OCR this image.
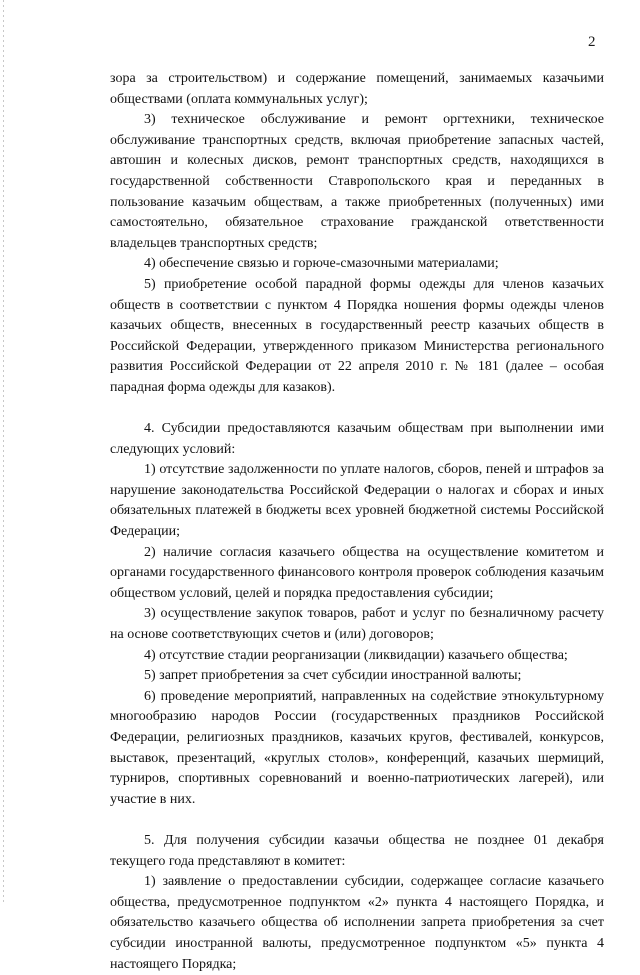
2

зора за строительством) и содержание помещений, занимаемых казачьими обществами (оплата коммунальных услуг);

3) техническое обслуживание и ремонт оргтехники, техническое обслуживание транспортных средств, включая приобретение запасных частей, автошин и колесных дисков, ремонт транспортных средств, находящихся в государственной собственности Ставропольского края и переданных в пользование казачьим обществам, а также приобретенных (полученных) ими самостоятельно, обязательное страхование гражданской ответственности владельцев транспортных средств;

4) обеспечение связью и горюче-смазочными материалами;

5) приобретение особой парадной формы одежды для членов казачьих обществ в соответствии с пунктом 4 Порядка ношения формы одежды членов казачьих обществ, внесенных в государственный реестр казачьих обществ в Российской Федерации, утвержденного приказом Министерства регионального развития Российской Федерации от 22 апреля 2010 г. № 181 (далее – особая парадная форма одежды для казаков).

4. Субсидии предоставляются казачьим обществам при выполнении ими следующих условий:

1) отсутствие задолженности по уплате налогов, сборов, пеней и штрафов за нарушение законодательства Российской Федерации о налогах и сборах и иных обязательных платежей в бюджеты всех уровней бюджетной системы Российской Федерации;

2) наличие согласия казачьего общества на осуществление комитетом и органами государственного финансового контроля проверок соблюдения казачьим обществом условий, целей и порядка предоставления субсидии;

3) осуществление закупок товаров, работ и услуг по безналичному расчету на основе соответствующих счетов и (или) договоров;

4) отсутствие стадии реорганизации (ликвидации) казачьего общества;

5) запрет приобретения за счет субсидии иностранной валюты;

6) проведение мероприятий, направленных на содействие этнокультурному многообразию народов России (государственных праздников Российской Федерации, религиозных праздников, казачьих кругов, фестивалей, конкурсов, выставок, презентаций, «круглых столов», конференций, казачьих шермиций, турниров, спортивных соревнований и военно-патриотических лагерей), или участие в них.

5. Для получения субсидии казачьи общества не позднее 01 декабря текущего года представляют в комитет:

1) заявление о предоставлении субсидии, содержащее согласие казачьего общества, предусмотренное подпунктом «2» пункта 4 настоящего Порядка, и обязательство казачьего общества об исполнении запрета приобретения за счет субсидии иностранной валюты, предусмотренное подпунктом «5» пункта 4 настоящего Порядка;
